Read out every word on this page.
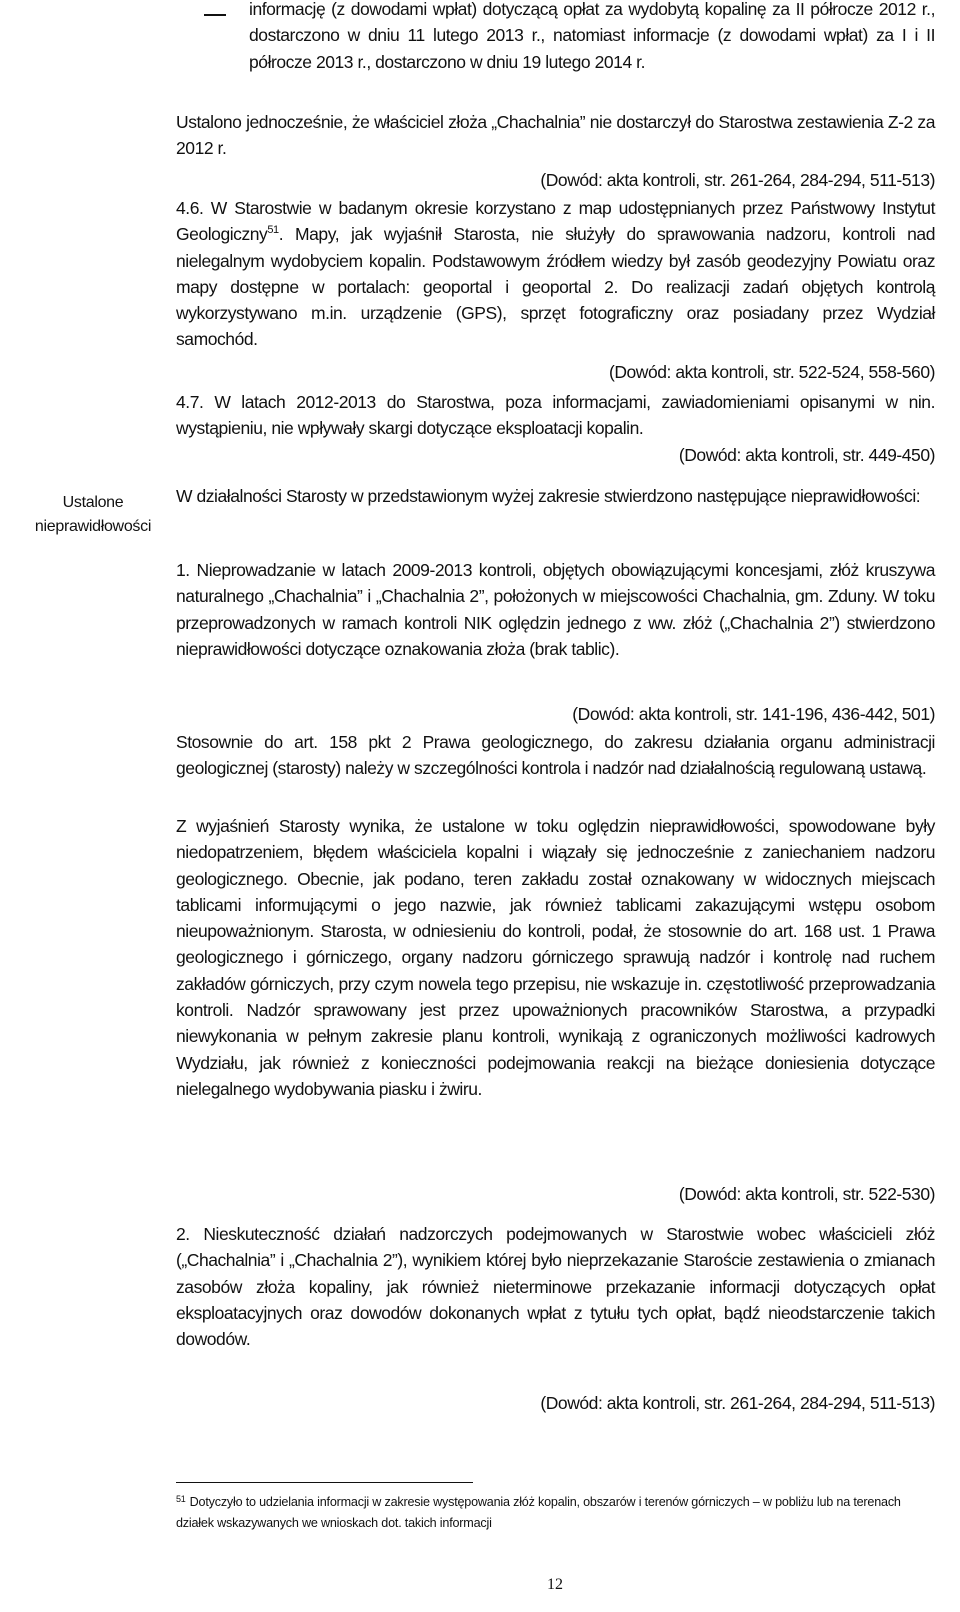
informację (z dowodami wpłat) dotyczącą opłat za wydobytą kopalinę za II półrocze 2012 r., dostarczono w dniu 11 lutego 2013 r., natomiast informacje (z dowodami wpłat) za I i II półrocze 2013 r., dostarczono w dniu 19 lutego 2014 r.
Ustalono jednocześnie, że właściciel złoża „Chachalnia” nie dostarczył do Starostwa zestawienia Z-2 za 2012 r.
(Dowód: akta kontroli, str. 261-264, 284-294, 511-513)
4.6. W Starostwie w badanym okresie korzystano z map udostępnianych przez Państwowy Instytut Geologiczny$^{51}$. Mapy, jak wyjaśnił Starosta, nie służyły do sprawowania nadzoru, kontroli nad nielegalnym wydobyciem kopalin. Podstawowym źródłem wiedzy był zasób geodezyjny Powiatu oraz mapy dostępne w portalach: geoportal i geoportal 2. Do realizacji zadań objętych kontrolą wykorzystywano m.in. urządzenie (GPS), sprzęt fotograficzny oraz posiadany przez Wydział samochód.
(Dowód: akta kontroli, str. 522-524, 558-560)
4.7. W latach 2012-2013 do Starostwa, poza informacjami, zawiadomieniami opisanymi w nin. wystąpieniu, nie wpływały skargi dotyczące eksploatacji kopalin.
(Dowód: akta kontroli, str. 449-450)
W działalności Starosty w przedstawionym wyżej zakresie stwierdzono następujące nieprawidłowości:
1. Nieprowadzanie w latach 2009-2013 kontroli, objętych obowiązującymi koncesjami, złóż kruszywa naturalnego „Chachalnia” i „Chachalnia 2”, położonych w miejscowości Chachalnia, gm. Zduny. W toku przeprowadzonych w ramach kontroli NIK oględzin jednego z ww. złóż („Chachalnia 2”) stwierdzono nieprawidłowości dotyczące oznakowania złoża (brak tablic).
(Dowód: akta kontroli, str. 141-196, 436-442, 501)
Stosownie do art. 158 pkt 2 Prawa geologicznego, do zakresu działania organu administracji geologicznej (starosty) należy w szczególności kontrola i nadzór nad działalnością regulowaną ustawą.
Z wyjaśnień Starosty wynika, że ustalone w toku oględzin nieprawidłowości, spowodowane były niedopatrzeniem, błędem właściciela kopalni i wiązały się jednocześnie z zaniechaniem nadzoru geologicznego. Obecnie, jak podano, teren zakładu został oznakowany w widocznych miejscach tablicami informującymi o jego nazwie, jak również tablicami zakazującymi wstępu osobom nieupoważnionym. Starosta, w odniesieniu do kontroli, podał, że stosownie do art. 168 ust. 1 Prawa geologicznego i górniczego, organy nadzoru górniczego sprawują nadzór i kontrolę nad ruchem zakładów górniczych, przy czym nowela tego przepisu, nie wskazuje in. częstotliwość przeprowadzania kontroli. Nadzór sprawowany jest przez upoważnionych pracowników Starostwa, a przypadki niewykonania w pełnym zakresie planu kontroli, wynikają z ograniczonych możliwości kadrowych Wydziału, jak również z konieczności podejmowania reakcji na bieżące doniesienia dotyczące nielegalnego wydobywania piasku i żwiru.
(Dowód: akta kontroli, str. 522-530)
2. Nieskuteczność działań nadzorczych podejmowanych w Starostwie wobec właścicieli złóż („Chachalnia” i „Chachalnia 2”), wynikiem której było nieprzekazanie Staroście zestawienia o zmianach zasobów złoża kopaliny, jak również nieterminowe przekazanie informacji dotyczących opłat eksploatacyjnych oraz dowodów dokonanych wpłat z tytułu tych opłat, bądź nieodstarczenie takich dowodów.
(Dowód: akta kontroli, str. 261-264, 284-294, 511-513)
Ustalone
nieprawidłowości
$^{51}$ Dotyczyło to udzielania informacji w zakresie występowania złóż kopalin, obszarów i terenów górniczych – w pobliżu lub na terenach działek wskazywanych we wnioskach dot. takich informacji
12
